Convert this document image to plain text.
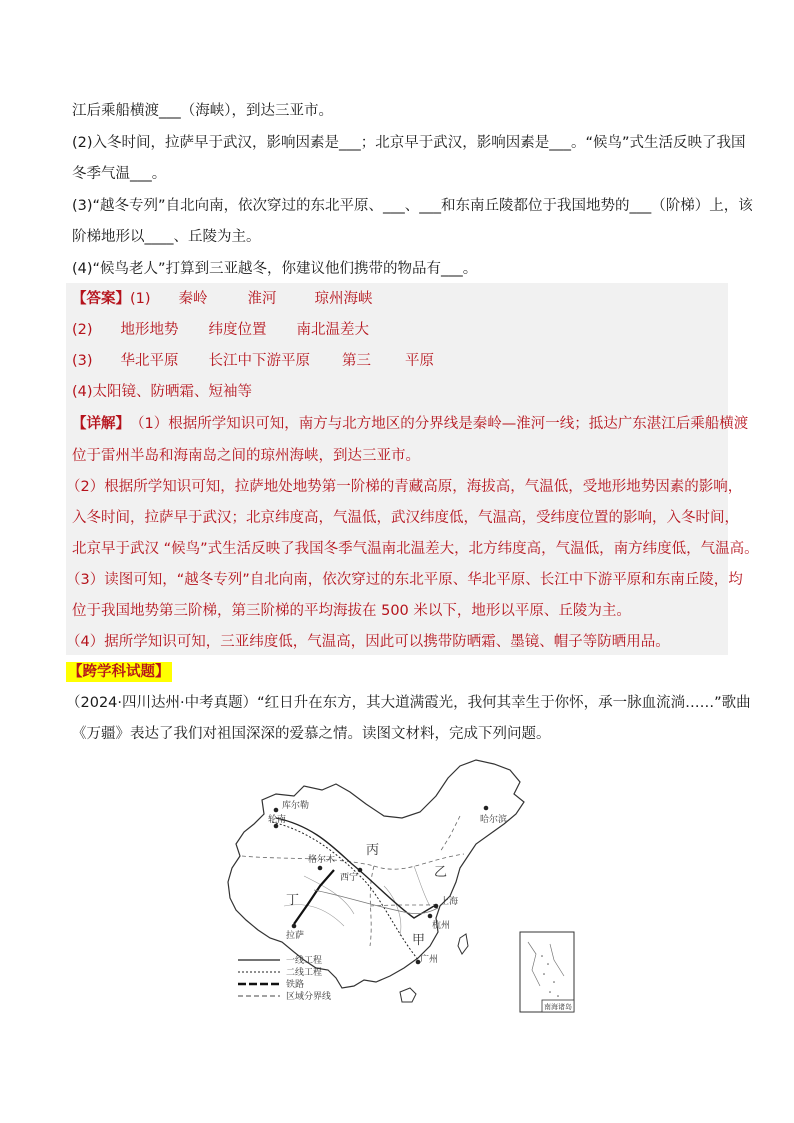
江后乘船横渡___（海峡），到达三亚市。
(2)入冬时间，拉萨早于武汉，影响因素是___；北京早于武汉，影响因素是___。“候鸟”式生活反映了我国
冬季气温___。
(3)“越冬专列”自北向南，依次穿过的东北平原、___、___和东南丘陵都位于我国地势的___（阶梯）上，该
阶梯地形以____、丘陵为主。
(4)“候鸟老人”打算到三亚越冬，你建议他们携带的物品有___。
【答案】(1) 秦岭	淮河	琼州海峡
(2) 地形地势 纬度位置 南北温差大
(3) 华北平原 长江中下游平原 第三 平原
(4)太阳镜、防晒霜、短袖等
【详解】（1）根据所学知识可知，南方与北方地区的分界线是秦岭—淮河一线；抵达广东湛江后乘船横渡
位于雷州半岛和海南岛之间的琼州海峡，到达三亚市。
（2）根据所学知识可知，拉萨地处地势第一阶梯的青藏高原，海拔高，气温低，受地形地势因素的影响，
入冬时间，拉萨早于武汉；北京纬度高，气温低，武汉纬度低，气温高，受纬度位置的影响，入冬时间，
北京早于武汉 “候鸟”式生活反映了我国冬季气温南北温差大，北方纬度高，气温低，南方纬度低，气温高。
（3）读图可知，“越冬专列”自北向南，依次穿过的东北平原、华北平原、长江中下游平原和东南丘陵，均
位于我国地势第三阶梯，第三阶梯的平均海拔在 500 米以下，地形以平原、丘陵为主。
（4）据所学知识可知，三亚纬度低，气温高，因此可以携带防晒霜、墨镜、帽子等防晒用品。
【跨学科试题】
（2024·四川达州·中考真题）“红日升在东方，其大道满霞光，我何其幸生于你怀，承一脉血流淌……”歌曲
《万疆》表达了我们对祖国深深的爱慕之情。读图文材料，完成下列问题。
库尔勒
轮南
格尔木
西宁
拉萨
哈尔滨
上海
杭州
广州
丙
乙
甲
丁
一线工程
二线工程
铁路
区域分界线
南海诸岛
